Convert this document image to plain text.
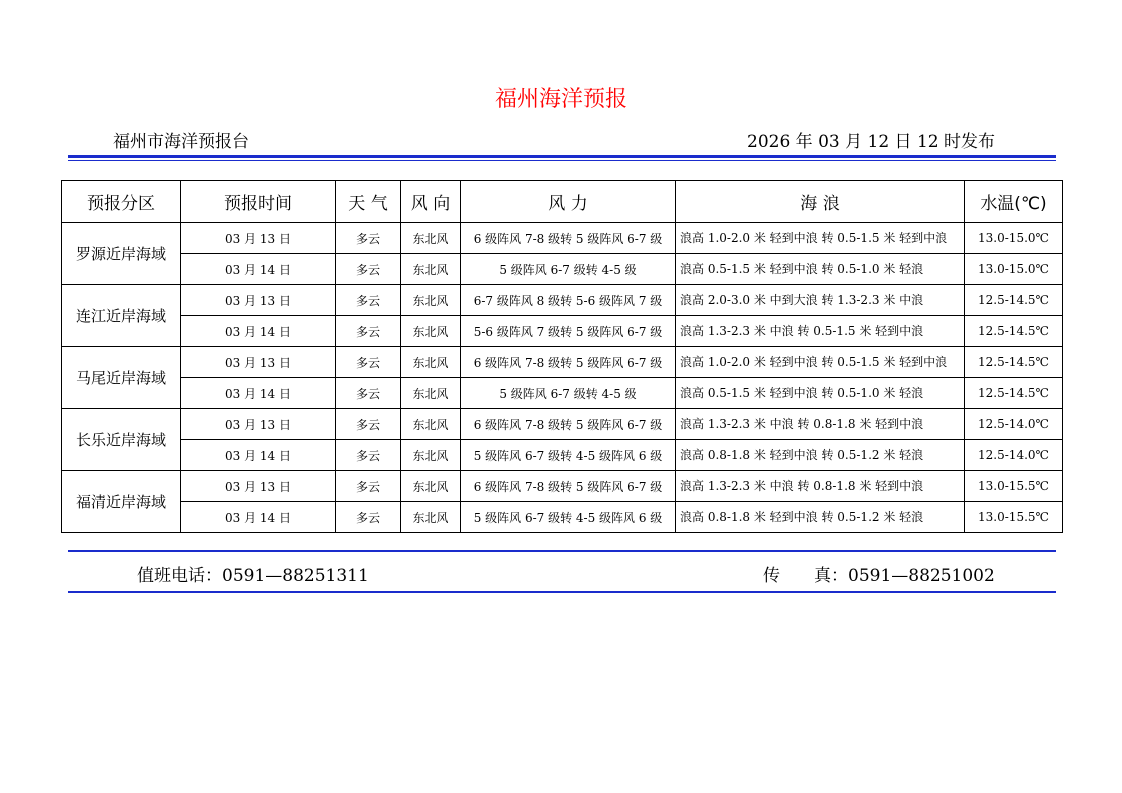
福州海洋预报
福州市海洋预报台	2026 年 03 月 12 日 12 时发布
预报分区	预报时间	天 气	风 向	风 力	海 浪	水温(℃)
罗源近岸海域	03 月 13 日	多云	东北风	6 级阵风 7-8 级转 5 级阵风 6-7 级	浪高 1.0-2.0 米 轻到中浪 转 0.5-1.5 米 轻到中浪	13.0-15.0℃
	03 月 14 日	多云	东北风	5 级阵风 6-7 级转 4-5 级	浪高 0.5-1.5 米 轻到中浪 转 0.5-1.0 米 轻浪	13.0-15.0℃
连江近岸海域	03 月 13 日	多云	东北风	6-7 级阵风 8 级转 5-6 级阵风 7 级	浪高 2.0-3.0 米 中到大浪 转 1.3-2.3 米 中浪	12.5-14.5℃
	03 月 14 日	多云	东北风	5-6 级阵风 7 级转 5 级阵风 6-7 级	浪高 1.3-2.3 米 中浪 转 0.5-1.5 米 轻到中浪	12.5-14.5℃
马尾近岸海域	03 月 13 日	多云	东北风	6 级阵风 7-8 级转 5 级阵风 6-7 级	浪高 1.0-2.0 米 轻到中浪 转 0.5-1.5 米 轻到中浪	12.5-14.5℃
	03 月 14 日	多云	东北风	5 级阵风 6-7 级转 4-5 级	浪高 0.5-1.5 米 轻到中浪 转 0.5-1.0 米 轻浪	12.5-14.5℃
长乐近岸海域	03 月 13 日	多云	东北风	6 级阵风 7-8 级转 5 级阵风 6-7 级	浪高 1.3-2.3 米 中浪 转 0.8-1.8 米 轻到中浪	12.5-14.0℃
	03 月 14 日	多云	东北风	5 级阵风 6-7 级转 4-5 级阵风 6 级	浪高 0.8-1.8 米 轻到中浪 转 0.5-1.2 米 轻浪	12.5-14.0℃
福清近岸海域	03 月 13 日	多云	东北风	6 级阵风 7-8 级转 5 级阵风 6-7 级	浪高 1.3-2.3 米 中浪 转 0.8-1.8 米 轻到中浪	13.0-15.5℃
	03 月 14 日	多云	东北风	5 级阵风 6-7 级转 4-5 级阵风 6 级	浪高 0.8-1.8 米 轻到中浪 转 0.5-1.2 米 轻浪	13.0-15.5℃
值班电话：0591—88251311	传　　真：0591—88251002
